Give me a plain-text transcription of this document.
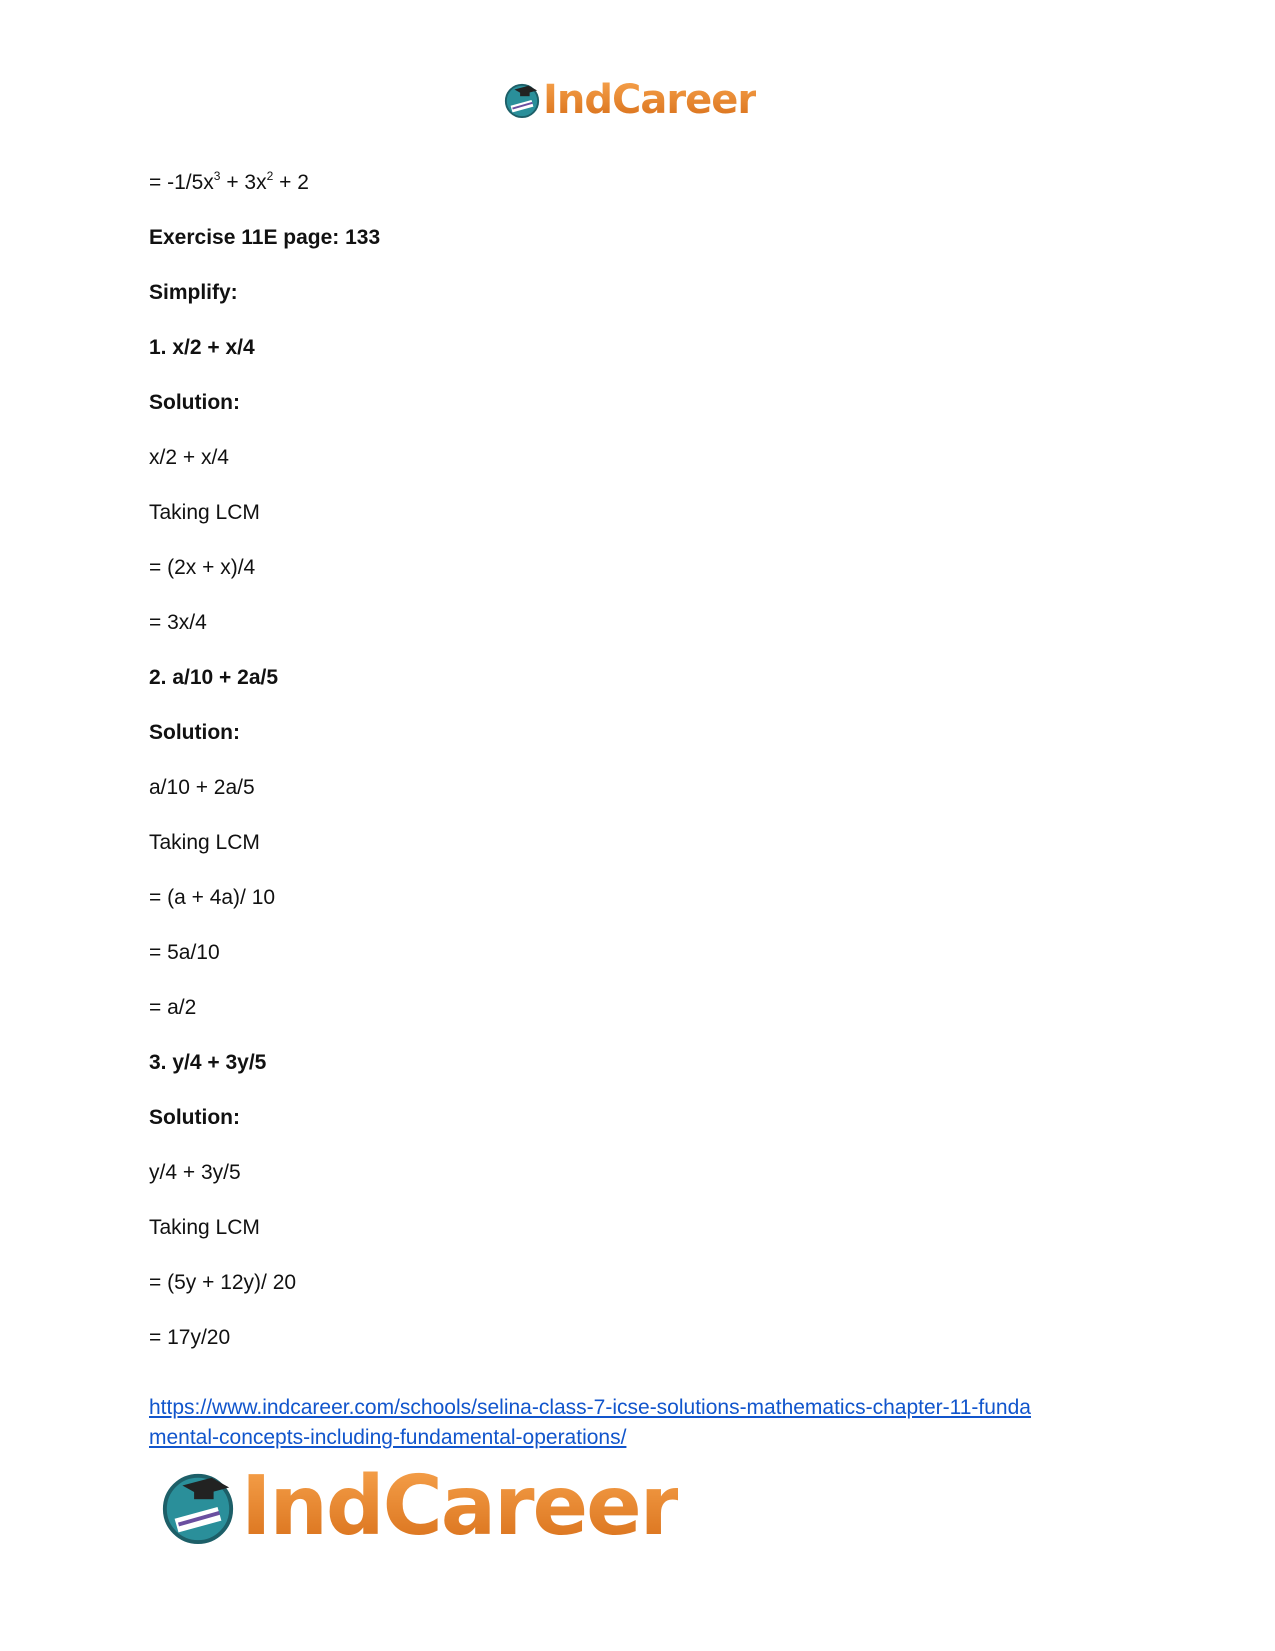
IndCareer
= $-1/5x^3 + 3x^2 + 2$
Exercise 11E page: 133
Simplify:
1. x/2 + x/4
Solution:
x/2 + x/4
Taking LCM
= (2x + x)/4
= 3x/4
2. a/10 + 2a/5
Solution:
a/10 + 2a/5
Taking LCM
= (a + 4a)/ 10
= 5a/10
= a/2
3. y/4 + 3y/5
Solution:
y/4 + 3y/5
Taking LCM
= (5y + 12y)/ 20
= 17y/20
https://www.indcareer.com/schools/selina-class-7-icse-solutions-mathematics-chapter-11-funda
mental-concepts-including-fundamental-operations/
IndCareer
